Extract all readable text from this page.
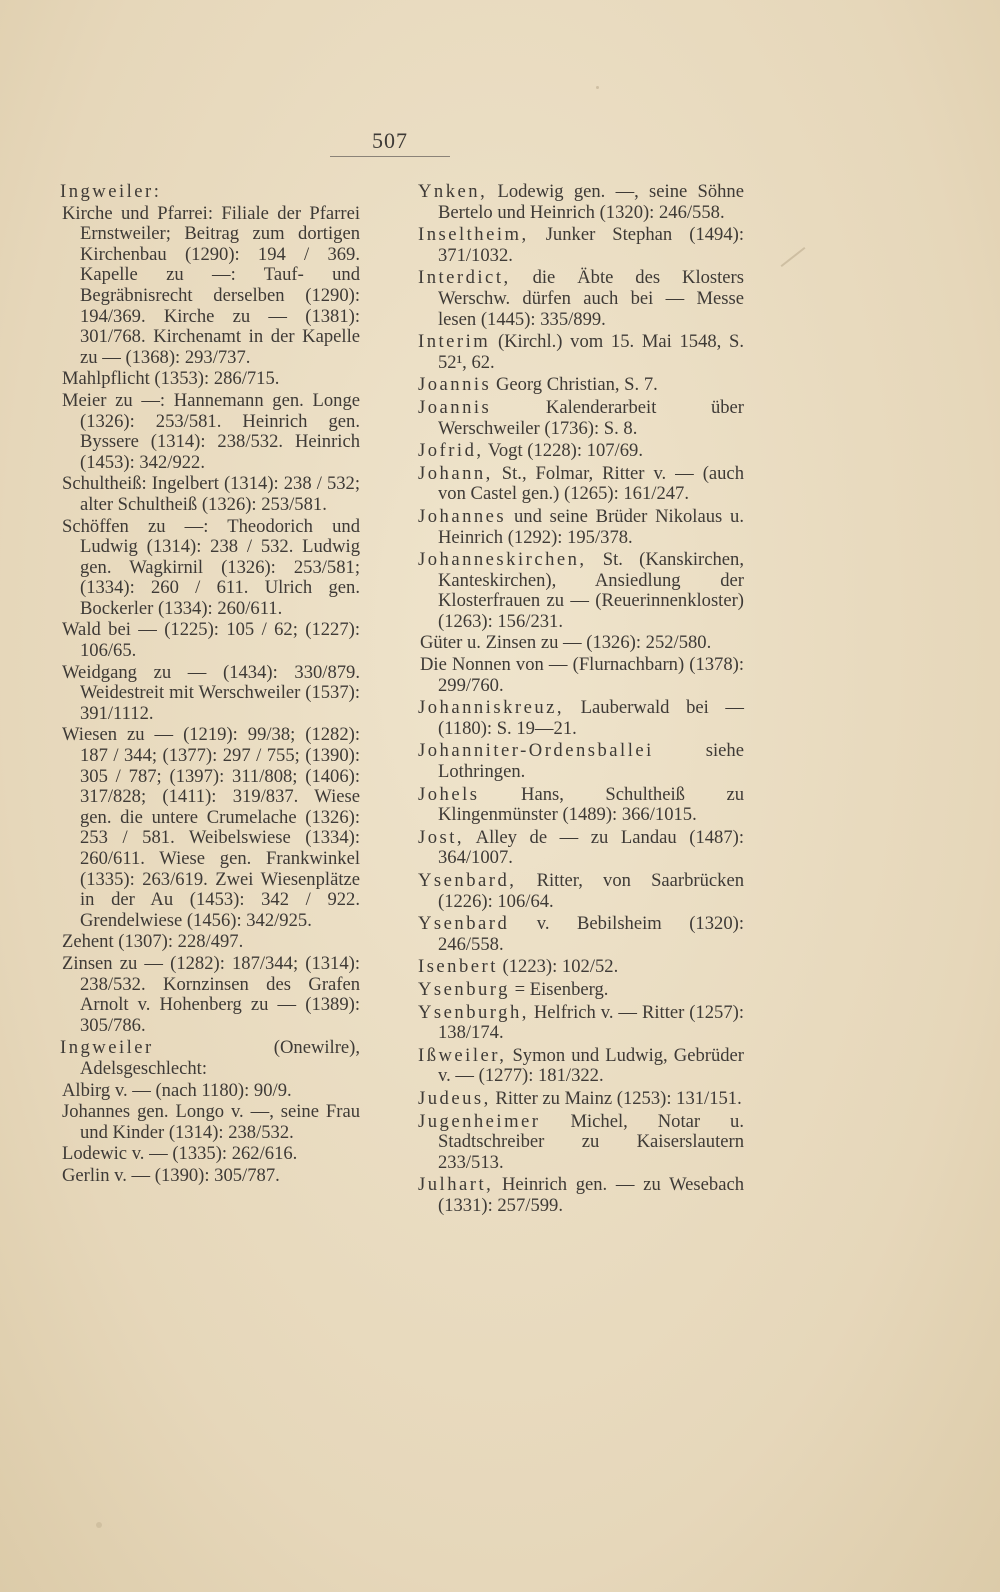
507
Ingweiler:
Kirche und Pfarrei: Filiale der Pfarrei Ernstweiler; Beitrag zum dortigen Kirchenbau (1290): 194 / 369. Kapelle zu —: Tauf- und Begräbnisrecht derselben (1290): 194/369. Kirche zu — (1381): 301/768. Kirchenamt in der Kapelle zu — (1368): 293/737.
Mahlpflicht (1353): 286/715.
Meier zu —: Hannemann gen. Longe (1326): 253/581. Heinrich gen. Byssere (1314): 238/532. Heinrich (1453): 342/922.
Schultheiß: Ingelbert (1314): 238 / 532; alter Schultheiß (1326): 253/581.
Schöffen zu —: Theodorich und Ludwig (1314): 238 / 532. Ludwig gen. Wagkirnil (1326): 253/581; (1334): 260 / 611. Ulrich gen. Bockerler (1334): 260/611.
Wald bei — (1225): 105 / 62; (1227): 106/65.
Weidgang zu — (1434): 330/879. Weidestreit mit Werschweiler (1537): 391/1112.
Wiesen zu — (1219): 99/38; (1282): 187 / 344; (1377): 297 / 755; (1390): 305 / 787; (1397): 311/808; (1406): 317/828; (1411): 319/837. Wiese gen. die untere Crumelache (1326): 253 / 581. Weibelswiese (1334): 260/611. Wiese gen. Frankwinkel (1335): 263/619. Zwei Wiesenplätze in der Au (1453): 342 / 922. Grendelwiese (1456): 342/925.
Zehent (1307): 228/497.
Zinsen zu — (1282): 187/344; (1314): 238/532. Kornzinsen des Grafen Arnolt v. Hohenberg zu — (1389): 305/786.
Ingweiler	(Onewilre), Adelsgeschlecht:
Albirg v. — (nach 1180): 90/9.
Johannes gen. Longo v. —, seine Frau und Kinder (1314): 238/532.
Lodewic v. — (1335): 262/616.
Gerlin v. — (1390): 305/787.
Ynken, Lodewig gen. —, seine Söhne Bertelo und Heinrich (1320): 246/558.
Inseltheim, Junker Stephan (1494): 371/1032.
Interdict, die Äbte des Klosters Werschw. dürfen auch bei — Messe lesen (1445): 335/899.
Interim (Kirchl.) vom 15. Mai 1548, S. 52¹, 62.
Joannis Georg Christian, S. 7.
Joannis	Kalenderarbeit über Werschweiler (1736): S. 8.
Jofrid, Vogt (1228): 107/69.
Johann, St., Folmar, Ritter v. — (auch von Castel gen.) (1265): 161/247.
Johannes und seine Brüder Nikolaus u. Heinrich (1292): 195/378.
Johanneskirchen, St. (Kanskirchen, Kanteskirchen), Ansiedlung der Klosterfrauen zu — (Reuerinnenkloster) (1263): 156/231.
Güter u. Zinsen zu — (1326): 252/580.
Die Nonnen von — (Flurnachbarn) (1378): 299/760.
Johanniskreuz, Lauberwald bei — (1180): S. 19—21.
Johanniter-Ordensballei	siehe Lothringen.
Johels Hans, Schultheiß zu Klingenmünster (1489): 366/1015.
Jost, Alley de — zu Landau (1487): 364/1007.
Ysenbard, Ritter, von Saarbrücken (1226): 106/64.
Ysenbard v. Bebilsheim (1320): 246/558.
Isenbert (1223): 102/52.
Ysenburg = Eisenberg.
Ysenburgh, Helfrich v. — Ritter (1257): 138/174.
Ißweiler, Symon und Ludwig, Gebrüder v. — (1277): 181/322.
Judeus, Ritter zu Mainz (1253): 131/151.
Jugenheimer Michel, Notar u. Stadtschreiber zu Kaiserslautern 233/513.
Julhart, Heinrich gen. — zu Wesebach (1331): 257/599.
